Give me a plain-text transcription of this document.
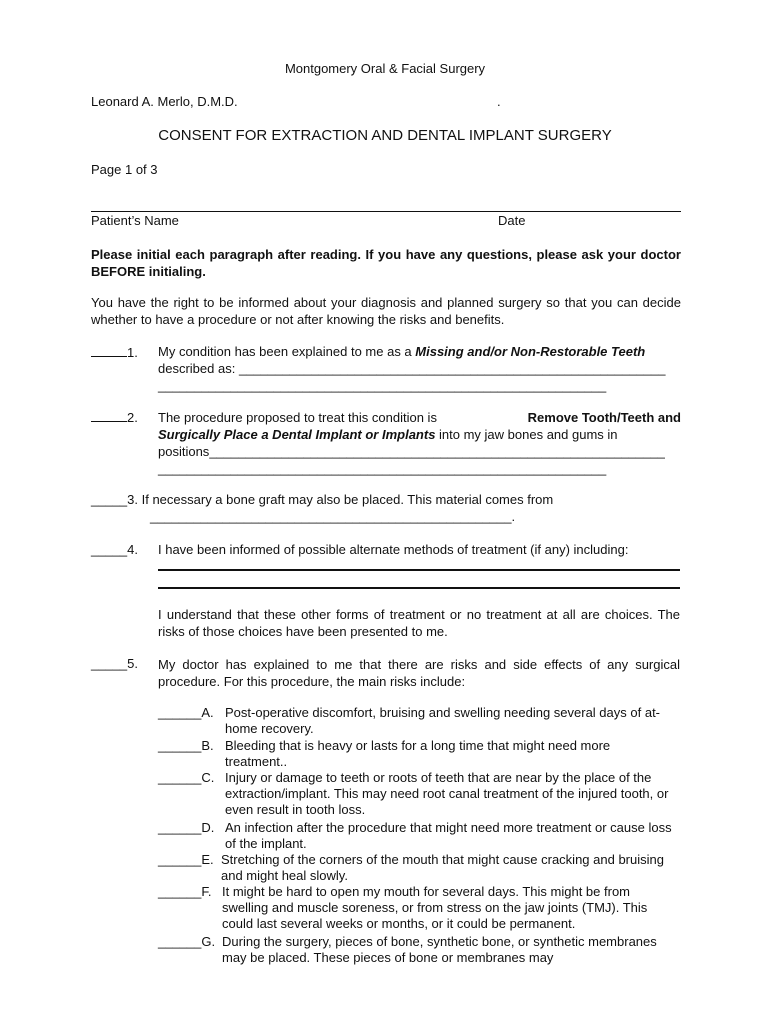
Montgomery Oral & Facial Surgery
Leonard A. Merlo, D.M.D.	.
CONSENT FOR EXTRACTION AND DENTAL IMPLANT SURGERY
Page 1 of 3
Patient’s Name	Date
Please initial each paragraph after reading. If you have any questions, please ask your doctor BEFORE initialing.
You have the right to be informed about your diagnosis and planned surgery so that you can decide whether to have a procedure or not after knowing the risks and benefits.
1. My condition has been explained to me as a Missing and/or Non-Restorable Teeth
described as: ___________________________________________________________
______________________________________________________________
2. The procedure proposed to treat this condition is	Remove Tooth/Teeth and
Surgically Place a Dental Implant or Implants into my jaw bones and gums in
positions_______________________________________________________________
______________________________________________________________
_____3. If necessary a bone graft may also be placed. This material comes from
__________________________________________________.
_____4. I have been informed of possible alternate methods of treatment (if any) including:
I understand that these other forms of treatment or no treatment at all are choices. The risks of those choices have been presented to me.
_____5. My doctor has explained to me that there are risks and side effects of any surgical procedure. For this procedure, the main risks include:
______A. Post-operative discomfort, bruising and swelling needing several days of at-home recovery.
______B. Bleeding that is heavy or lasts for a long time that might need more treatment..
______C. Injury or damage to teeth or roots of teeth that are near by the place of the extraction/implant. This may need root canal treatment of the injured tooth, or even result in tooth loss.
______D. An infection after the procedure that might need more treatment or cause loss of the implant.
______E. Stretching of the corners of the mouth that might cause cracking and bruising and might heal slowly.
______F. It might be hard to open my mouth for several days. This might be from swelling and muscle soreness, or from stress on the jaw joints (TMJ). This could last several weeks or months, or it could be permanent.
______G. During the surgery, pieces of bone, synthetic bone, or synthetic membranes may be placed. These pieces of bone or membranes may
